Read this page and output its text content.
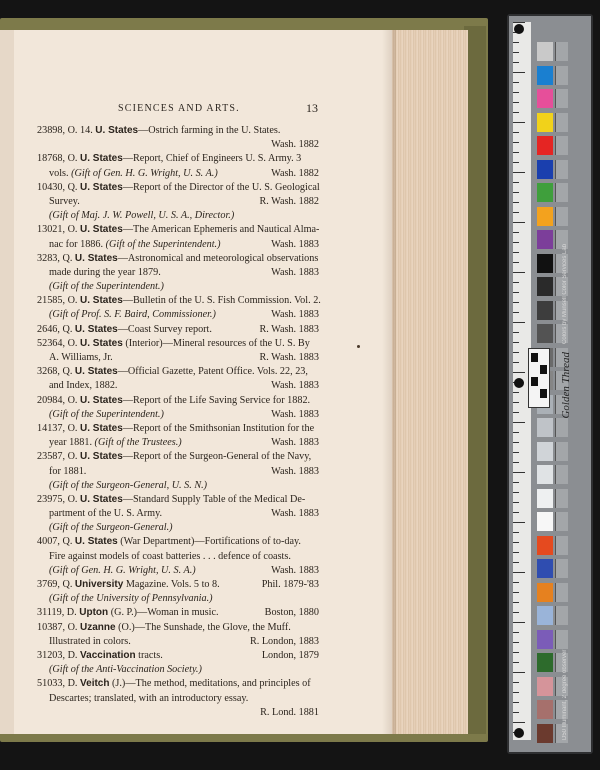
SCIENCES AND ARTS.	13
23898, O. 14. U. States—Ostrich farming in the U. States.
Wash. 1882
18768, O. U. States—Report, Chief of Engineers U. S. Army. 3
vols. (Gift of Gen. H. G. Wright, U. S. A.)	Wash. 1882
10430, Q. U. States—Report of the Director of the U. S. Geological
Survey.	R. Wash. 1882
(Gift of Maj. J. W. Powell, U. S. A., Director.)
13021, O. U. States—The American Ephemeris and Nautical Alma-
nac for 1886. (Gift of the Superintendent.)	Wash. 1883
3283, Q. U. States—Astronomical and meteorological observations
made during the year 1879.	Wash. 1883
(Gift of the Superintendent.)
21585, O. U. States—Bulletin of the U. S. Fish Commission. Vol. 2.
(Gift of Prof. S. F. Baird, Commissioner.)	Wash. 1883
2646, Q. U. States—Coast Survey report.	R. Wash. 1883
52364, O. U. States (Interior)—Mineral resources of the U. S. By
A. Williams, Jr.	R. Wash. 1883
3268, Q. U. States—Official Gazette, Patent Office. Vols. 22, 23,
and Index, 1882.	Wash. 1883
20984, O. U. States—Report of the Life Saving Service for 1882.
(Gift of the Superintendent.)	Wash. 1883
14137, O. U. States—Report of the Smithsonian Institution for the
year 1881. (Gift of the Trustees.)	Wash. 1883
23587, O. U. States—Report of the Surgeon-General of the Navy,
for 1881.	Wash. 1883
(Gift of the Surgeon-General, U. S. N.)
23975, O. U. States—Standard Supply Table of the Medical De-
partment of the U. S. Army.	Wash. 1883
(Gift of the Surgeon-General.)
4007, Q. U. States (War Department)—Fortifications of to-day.
Fire against models of coast batteries . . . defence of coasts.
(Gift of Gen. H. G. Wright, U. S. A.)	Wash. 1883
3769, Q. University Magazine. Vols. 5 to 8.	Phil. 1879-'83
(Gift of the University of Pennsylvania.)
31119, D. Upton (G. P.)—Woman in music.	Boston, 1880
10387, O. Uzanne (O.)—The Sunshade, the Glove, the Muff.
Illustrated in colors.	R. London, 1883
31203, D. Vaccination tracts.	London, 1879
(Gift of the Anti-Vaccination Society.)
51033, D. Veitch (J.)—The method, meditations, and principles of
Descartes; translated, with an introductory essay.
R. Lond. 1881
Colors by Munsell Color Services Lab
Golden Thread
D50 Illuminant, 2 degree observer
